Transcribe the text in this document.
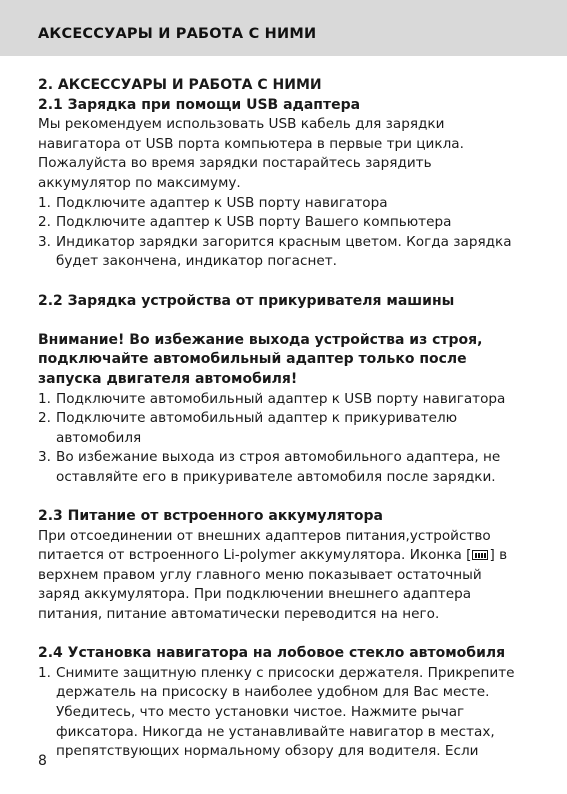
АКСЕССУАРЫ И РАБОТА С НИМИ

2. АКСЕССУАРЫ И РАБОТА С НИМИ

2.1 Зарядка при помощи USB адаптера

Мы рекомендуем использовать USB кабель для зарядки навигатора от USB порта компьютера в первые три цикла. Пожалуйста во время зарядки постарайтесь зарядить аккумулятор по максимуму.

1. Подключите адаптер к USB порту навигатора
2. Подключите адаптер к USB порту Вашего компьютера
3. Индикатор зарядки загорится красным цветом. Когда зарядка будет закончена, индикатор погаснет.

2.2 Зарядка устройства от прикуривателя машины

Внимание! Во избежание выхода устройства из строя, подключайте автомобильный адаптер только после запуска двигателя автомобиля!

1. Подключите автомобильный адаптер к USB порту навигатора
2. Подключите автомобильный адаптер к прикуривателю автомобиля
3. Во избежание выхода из строя автомобильного адаптера, не оставляйте его в прикуривателе автомобиля после зарядки.

2.3 Питание от встроенного аккумулятора

При отсоединении от внешних адаптеров питания,устройство питается от встроенного Li-polymer аккумулятора. Иконка [ ] в верхнем правом углу главного меню показывает остаточный заряд аккумулятора. При подключении внешнего адаптера питания, питание автоматически переводится на него.

2.4 Установка навигатора на лобовое стекло автомобиля

1. Снимите защитную пленку с присоски держателя. Прикрепите держатель на присоску в наиболее удобном для Вас месте. Убедитесь, что место установки чистое. Нажмите рычаг фиксатора. Никогда не устанавливайте навигатор в местах, препятствующих нормальному обзору для водителя. Если
8
